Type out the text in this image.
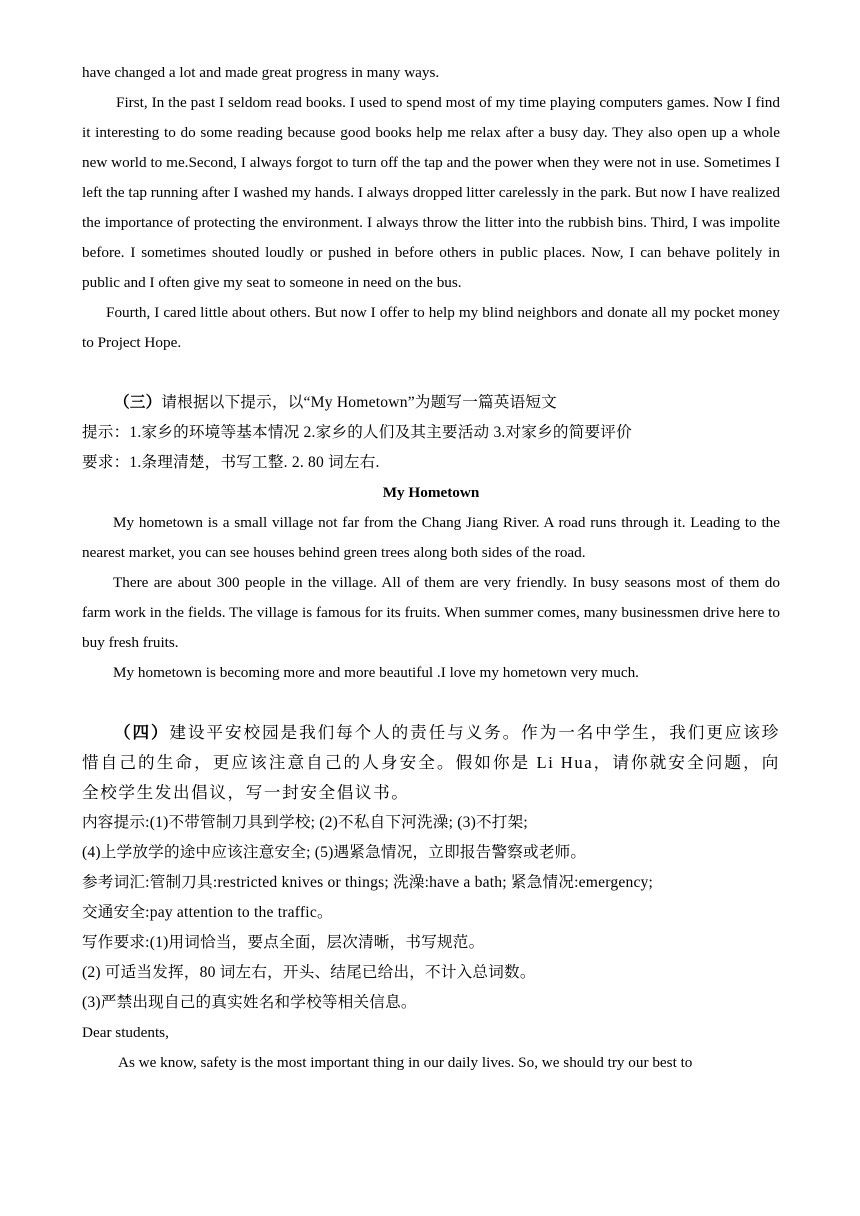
have changed a lot and made great progress in many ways.

First, In the past I seldom read books. I used to spend most of my time playing computers games. Now I find it interesting to do some reading because good books help me relax after a busy day. They also open up a whole new world to me.Second, I always forgot to turn off the tap and the power when they were not in use. Sometimes I left the tap running after I washed my hands. I always dropped litter carelessly in the park. But now I have realized the importance of protecting the environment. I always throw the litter into the rubbish bins. Third, I was impolite before. I sometimes shouted loudly or pushed in before others in public places. Now, I can behave politely in public and I often give my seat to someone in need on the bus.

Fourth, I cared little about others. But now I offer to help my blind neighbors and donate all my pocket money to Project Hope.

（三）请根据以下提示，以“My Hometown”为题写一篇英语短文

提示：1.家乡的环境等基本情况 2.家乡的人们及其主要活动 3.对家乡的简要评价

要求：1.条理清楚，书写工整. 2. 80 词左右.

My Hometown

My hometown is a small village not far from the Chang Jiang River. A road runs through it. Leading to the nearest market, you can see houses behind green trees along both sides of the road.

There are about 300 people in the village. All of them are very friendly. In busy seasons most of them do farm work in the fields. The village is famous for its fruits. When summer comes, many businessmen drive here to buy fresh fruits.

My hometown is becoming more and more beautiful .I love my hometown very much.

（四）建设平安校园是我们每个人的责任与义务。作为一名中学生，我们更应该珍惜自己的生命，更应该注意自己的人身安全。假如你是 Li Hua，请你就安全问题，向全校学生发出倡议，写一封安全倡议书。

内容提示:(1)不带管制刀具到学校; (2)不私自下河洗澡; (3)不打架;

(4)上学放学的途中应该注意安全; (5)遇紧急情况，立即报告警察或老师。

参考词汇:管制刀具:restricted knives or things; 洗澡:have a bath; 紧急情况:emergency;

交通安全:pay attention to the traffic。

写作要求:(1)用词恰当，要点全面，层次清晰，书写规范。

(2) 可适当发挥，80 词左右，开头、结尾已给出，不计入总词数。

(3)严禁出现自己的真实姓名和学校等相关信息。

Dear students,

As we know, safety is the most important thing in our daily lives. So, we should try our best to
